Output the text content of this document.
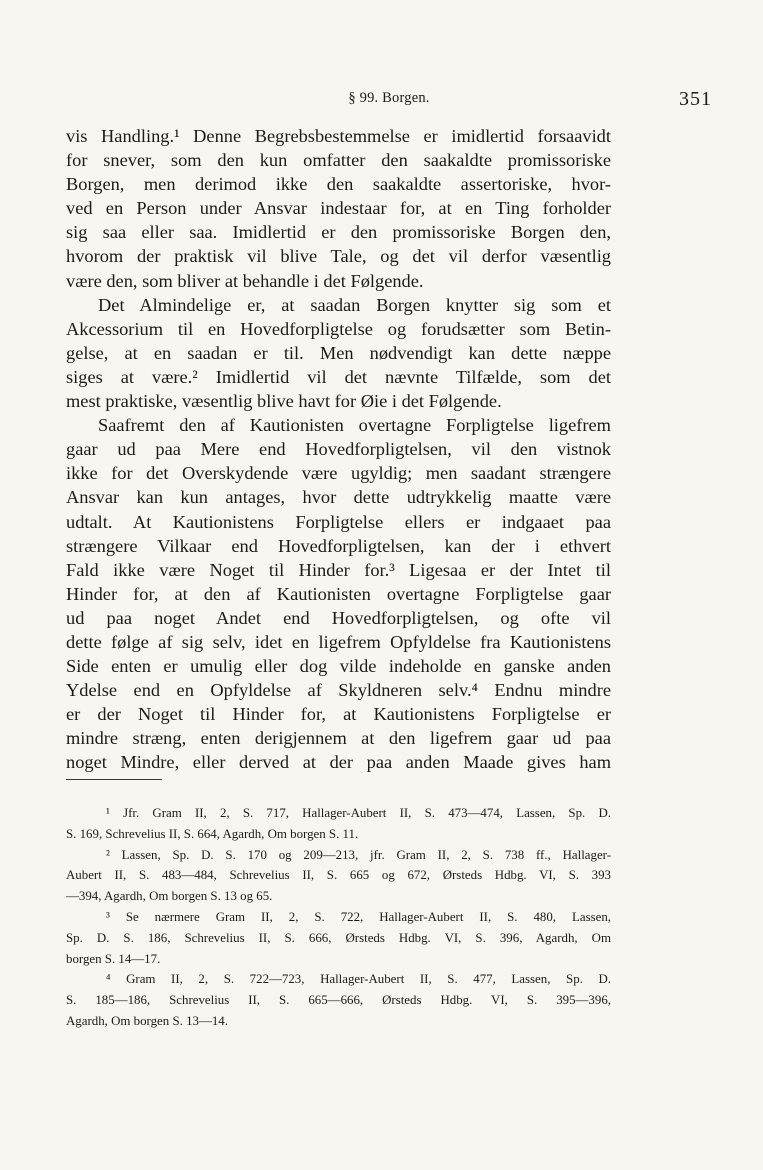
§ 99. Borgen.	351
vis Handling.¹ Denne Begrebsbestemmelse er imidlertid forsaavidt
for snever, som den kun omfatter den saakaldte promissoriske
Borgen, men derimod ikke den saakaldte assertoriske, hvor-
ved en Person under Ansvar indestaar for, at en Ting forholder
sig saa eller saa. Imidlertid er den promissoriske Borgen den,
hvorom der praktisk vil blive Tale, og det vil derfor væsentlig
være den, som bliver at behandle i det Følgende.
Det Almindelige er, at saadan Borgen knytter sig som et
Akcessorium til en Hovedforpligtelse og forudsætter som Betin-
gelse, at en saadan er til. Men nødvendigt kan dette næppe
siges at være.² Imidlertid vil det nævnte Tilfælde, som det
mest praktiske, væsentlig blive havt for Øie i det Følgende.
Saafremt den af Kautionisten overtagne Forpligtelse ligefrem
gaar ud paa Mere end Hovedforpligtelsen, vil den vistnok
ikke for det Overskydende være ugyldig; men saadant strængere
Ansvar kan kun antages, hvor dette udtrykkelig maatte være
udtalt. At Kautionistens Forpligtelse ellers er indgaaet paa
strængere Vilkaar end Hovedforpligtelsen, kan der i ethvert
Fald ikke være Noget til Hinder for.³ Ligesaa er der Intet til
Hinder for, at den af Kautionisten overtagne Forpligtelse gaar
ud paa noget Andet end Hovedforpligtelsen, og ofte vil
dette følge af sig selv, idet en ligefrem Opfyldelse fra Kautionistens
Side enten er umulig eller dog vilde indeholde en ganske anden
Ydelse end en Opfyldelse af Skyldneren selv.⁴ Endnu mindre
er der Noget til Hinder for, at Kautionistens Forpligtelse er
mindre stræng, enten derigjennem at den ligefrem gaar ud paa
noget Mindre, eller derved at der paa anden Maade gives ham
¹ Jfr. Gram II, 2, S. 717, Hallager-Aubert II, S. 473—474, Lassen, Sp. D.
S. 169, Schrevelius II, S. 664, Agardh, Om borgen S. 11.
² Lassen, Sp. D. S. 170 og 209—213, jfr. Gram II, 2, S. 738 ff., Hallager-
Aubert II, S. 483—484, Schrevelius II, S. 665 og 672, Ørsteds Hdbg. VI, S. 393
—394, Agardh, Om borgen S. 13 og 65.
³ Se nærmere Gram II, 2, S. 722, Hallager-Aubert II, S. 480, Lassen,
Sp. D. S. 186, Schrevelius II, S. 666, Ørsteds Hdbg. VI, S. 396, Agardh, Om
borgen S. 14—17.
⁴ Gram II, 2, S. 722—723, Hallager-Aubert II, S. 477, Lassen, Sp. D.
S. 185—186, Schrevelius II, S. 665—666, Ørsteds Hdbg. VI, S. 395—396,
Agardh, Om borgen S. 13—14.
